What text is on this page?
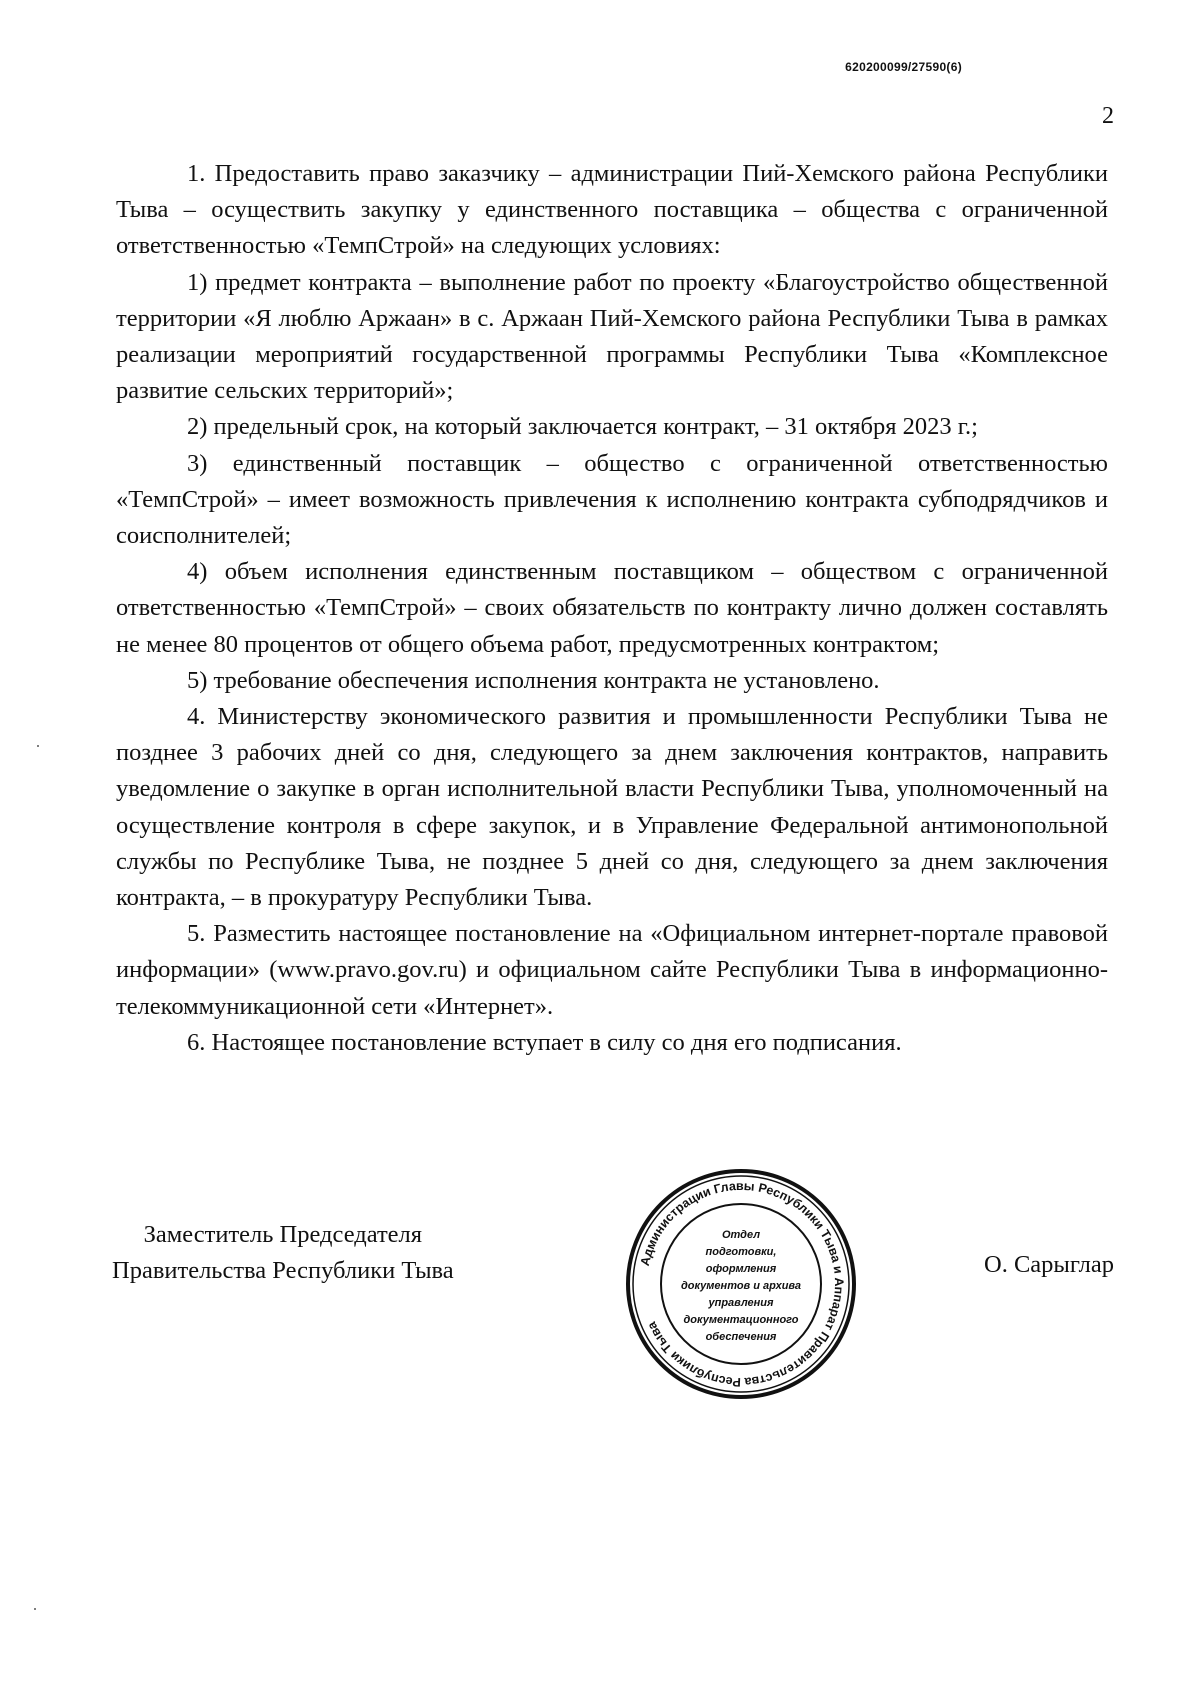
620200099/27590(6)
2

1. Предоставить право заказчику – администрации Пий-Хемского района Республики Тыва – осуществить закупку у единственного поставщика – общества с ограниченной ответственностью «ТемпСтрой» на следующих условиях:

1) предмет контракта – выполнение работ по проекту «Благоустройство общественной территории «Я люблю Аржаан» в с. Аржаан Пий-Хемского района Республики Тыва в рамках реализации мероприятий государственной программы Республики Тыва «Комплексное развитие сельских территорий»;

2) предельный срок, на который заключается контракт, – 31 октября 2023 г.;

3) единственный поставщик – общество с ограниченной ответственностью «ТемпСтрой» – имеет возможность привлечения к исполнению контракта субподрядчиков и соисполнителей;

4) объем исполнения единственным поставщиком – обществом с ограниченной ответственностью «ТемпСтрой» – своих обязательств по контракту лично должен составлять не менее 80 процентов от общего объема работ, предусмотренных контрактом;

5) требование обеспечения исполнения контракта не установлено.

4. Министерству экономического развития и промышленности Республики Тыва не позднее 3 рабочих дней со дня, следующего за днем заключения контрактов, направить уведомление о закупке в орган исполнительной власти Республики Тыва, уполномоченный на осуществление контроля в сфере закупок, и в Управление Федеральной антимонопольной службы по Республике Тыва, не позднее 5 дней со дня, следующего за днем заключения контракта, – в прокуратуру Республики Тыва.

5. Разместить настоящее постановление на «Официальном интернет-портале правовой информации» (www.pravo.gov.ru) и официальном сайте Республики Тыва в информационно-телекоммуникационной сети «Интернет».

6. Настоящее постановление вступает в силу со дня его подписания.

Заместитель Председателя
Правительства Республики Тыва	Администрации Главы Республики Тыва и Аппарат Правительства Республики Тыва
Отдел
подготовки,
оформления
документов и архива
управления
документационного
обеспечения
О. Сарыглар
